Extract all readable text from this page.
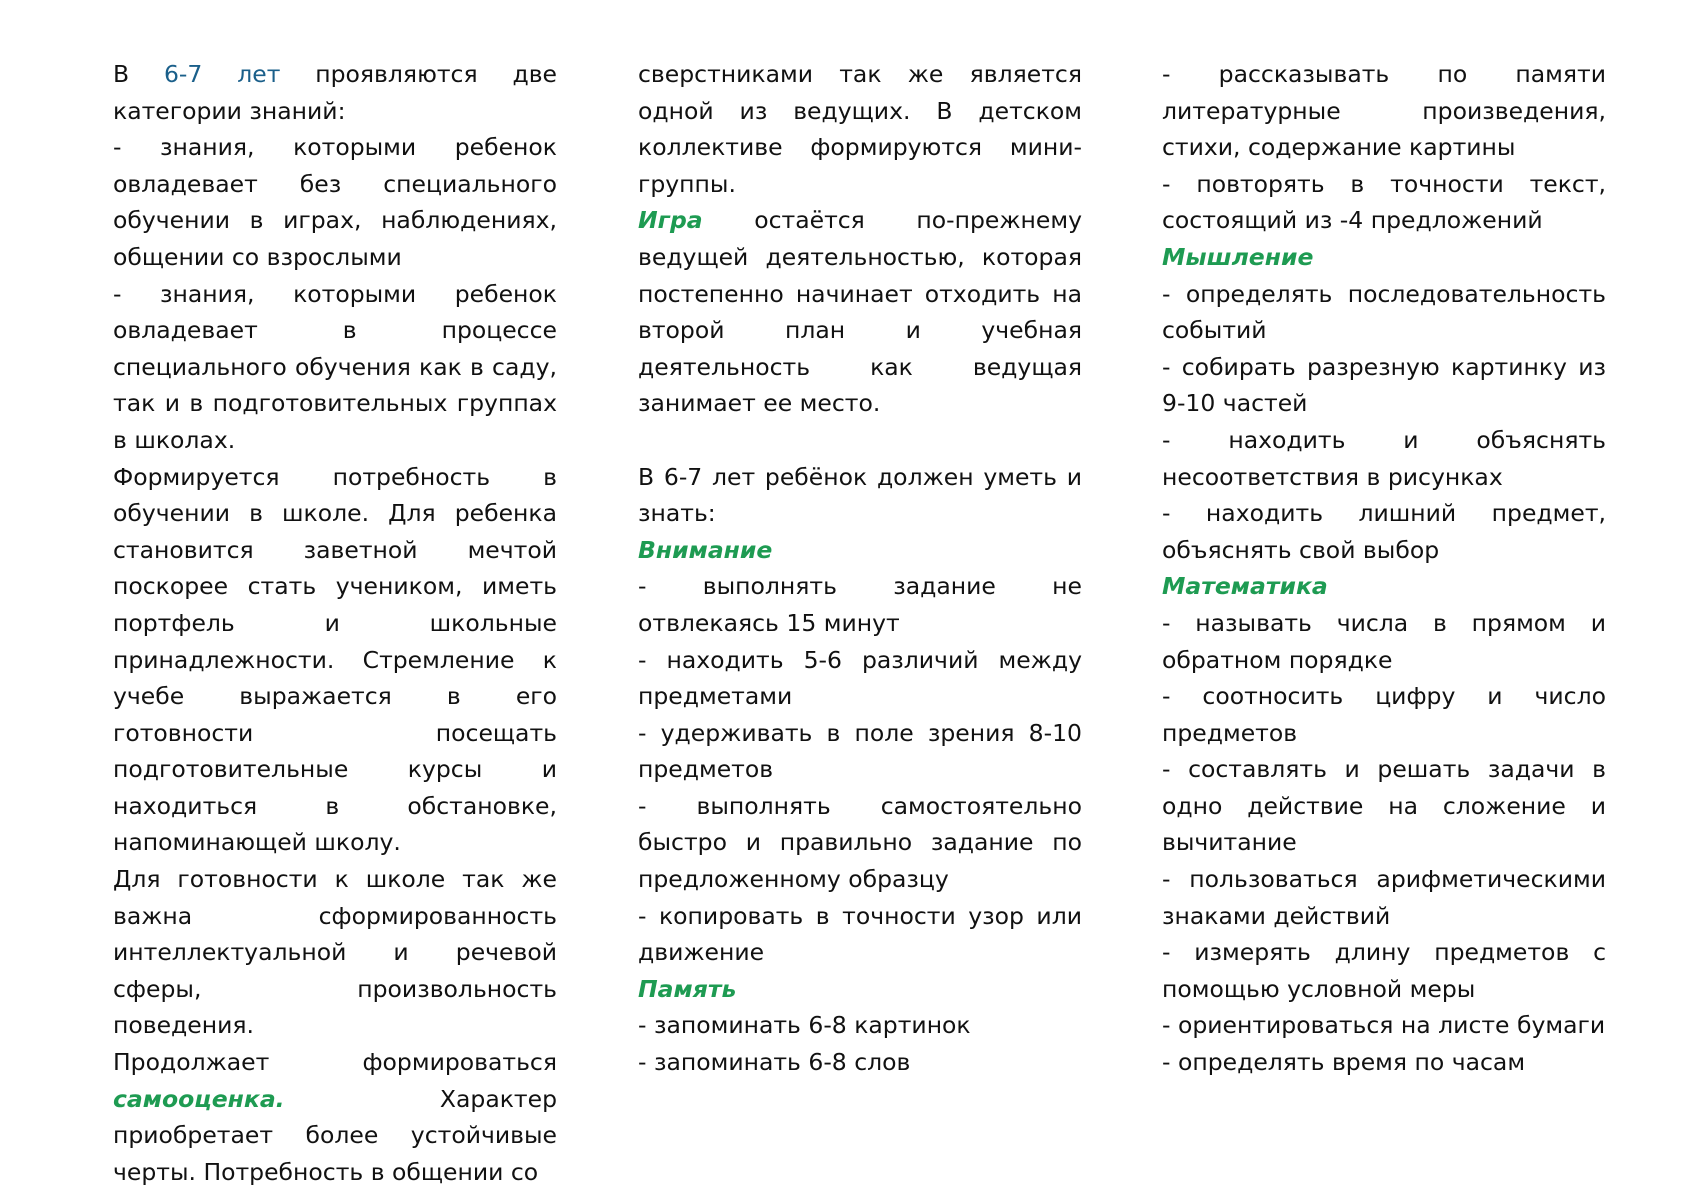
В 6-7 лет проявляются две категории знаний:

- знания, которыми ребенок овладевает без специального обучении в играх, наблюдениях, общении со взрослыми

- знания, которыми ребенок овладевает в процессе специального обучения как в саду, так и в подготовительных группах в школах.

Формируется потребность в обучении в школе. Для ребенка становится заветной мечтой поскорее стать учеником, иметь портфель и школьные принадлежности. Стремление к учебе выражается в его готовности посещать подготовительные курсы и находиться в обстановке, напоминающей школу.

Для готовности к школе так же важна сформированность интеллектуальной и речевой сферы, произвольность поведения.

Продолжает формироваться самооценка. Характер приобретает более устойчивые черты. Потребность в общении со

сверстниками так же является одной из ведущих. В детском коллективе формируются мини-группы.

Игра остаётся по-прежнему ведущей деятельностью, которая постепенно начинает отходить на второй план и учебная деятельность как ведущая занимает ее место.

В 6-7 лет ребёнок должен уметь и знать:

Внимание

- выполнять задание не отвлекаясь 15 минут

- находить 5-6 различий между предметами

- удерживать в поле зрения 8-10 предметов

- выполнять самостоятельно быстро и правильно задание по предложенному образцу

- копировать в точности узор или движение

Память

- запоминать 6-8 картинок

- запоминать 6-8 слов

- рассказывать по памяти литературные произведения, стихи, содержание картины

- повторять в точности текст, состоящий из -4 предложений

Мышление

- определять последовательность событий

- собирать разрезную картинку из 9-10 частей

- находить и объяснять несоответствия в рисунках

- находить лишний предмет, объяснять свой выбор

Математика

- называть числа в прямом и обратном порядке

- соотносить цифру и число предметов

- составлять и решать задачи в одно действие на сложение и вычитание

- пользоваться арифметическими знаками действий

- измерять длину предметов с помощью условной меры

- ориентироваться на листе бумаги

- определять время по часам
